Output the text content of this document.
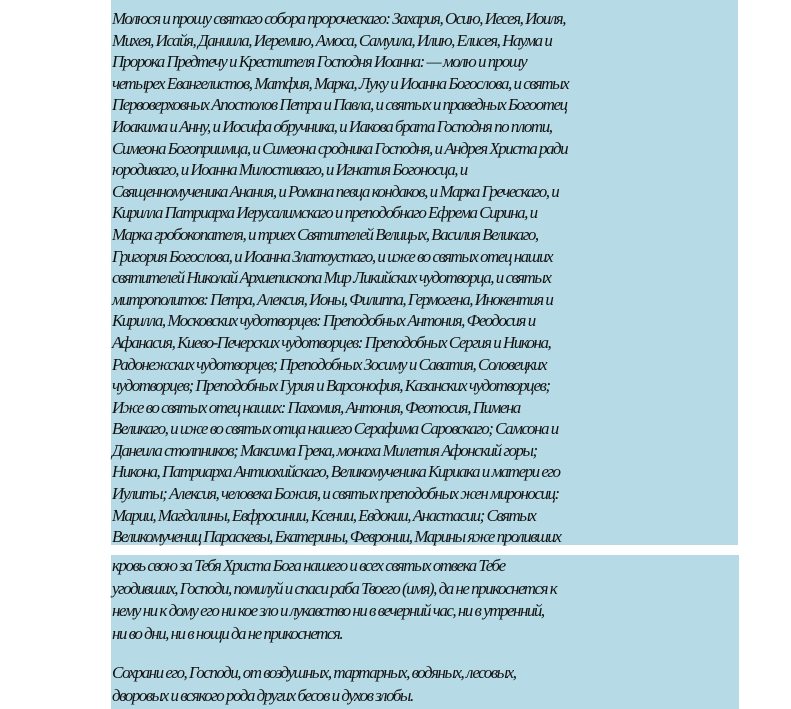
Молюся и прошу святаго собора пророческаго: Захария, Осию, Иесея, Иоиля,
Михея, Исайя, Даниила, Иеремию, Амоса, Самуила, Илию, Елисея, Наума и
Пророка Предтечу и Крестителя Господня Иоанна: — молю и прошу
четырех Евангелистов, Матфия, Марка, Луку и Иоанна Богослова, и святых
Первоверховных Апостолов Петра и Павла, и святых и праведных Богоотец
Иоакима и Анну, и Иосифа обручника, и Иакова брата Господня по плоти,
Симеона Богоприимца, и Симеона сродника Господня, и Андрея Христа ради
юродиваго, и Иоанна Милостиваго, и Игнатия Богоносца, и
Священномученика Анания, и Романа певца кондаков, и Марка Греческаго, и
Кирилла Патриарха Иерусалимскаго и преподобнаго Ефрема Сирина, и
Марка гробокопателя, и триех Святителей Велицых, Василия Великаго,
Григория Богослова, и Иоанна Златоустаго, и иже во святых отец наших
святителей Николай Архиепископа Мир Ликийских чудотворца, и святых
митрополитов: Петра, Алексия, Ионы, Филиппа, Гермогена, Инокентия и
Кирилла, Московских чудотворцев: Преподобных Антония, Феодосия и
Афанасия, Киево-Печерских чудотворцев: Преподобных Сергия и Никона,
Радонежских чудотворцев; Преподобных Зосиму и Саватия, Соловецких
чудотворцев; Преподобных Гурия и Варсонофия, Казанских чудотворцев;
Иже во святых отец наших: Пахомия, Антония, Феотосия, Пимена
Великаго, и иже во святых отца нашего Серафима Саровскаго; Самсона и
Данеила столпников; Максима Грека, монаха Милетия Афонский горы;
Никона, Патриарха Антиохийскаго, Великомученика Кириака и матери его
Иулиты; Алексия, человека Божия, и святых преподобных жен мироносиц:
Марии, Магдалины, Евфросинии, Ксении, Евдокии, Анастасии; Святых
Великомучениц Параскевы, Екатерины, Февронии, Марины яже проливших
кровь свою за Тебя Христа Бога нашего и всех святых отвека Тебе
угодивших, Господи, помилуй и спаси раба Твоего (имя), да не прикоснется к
нему ни к дому его ни кое зло и лукавство ни в вечерний час, ни в утренний,
ни во дни, ни в нощи да не прикоснется.
Сохрани его, Господи, от воздушных, тартарных, водяных, лесовых,
дворовых и всякого рода других бесов и духов злобы.
